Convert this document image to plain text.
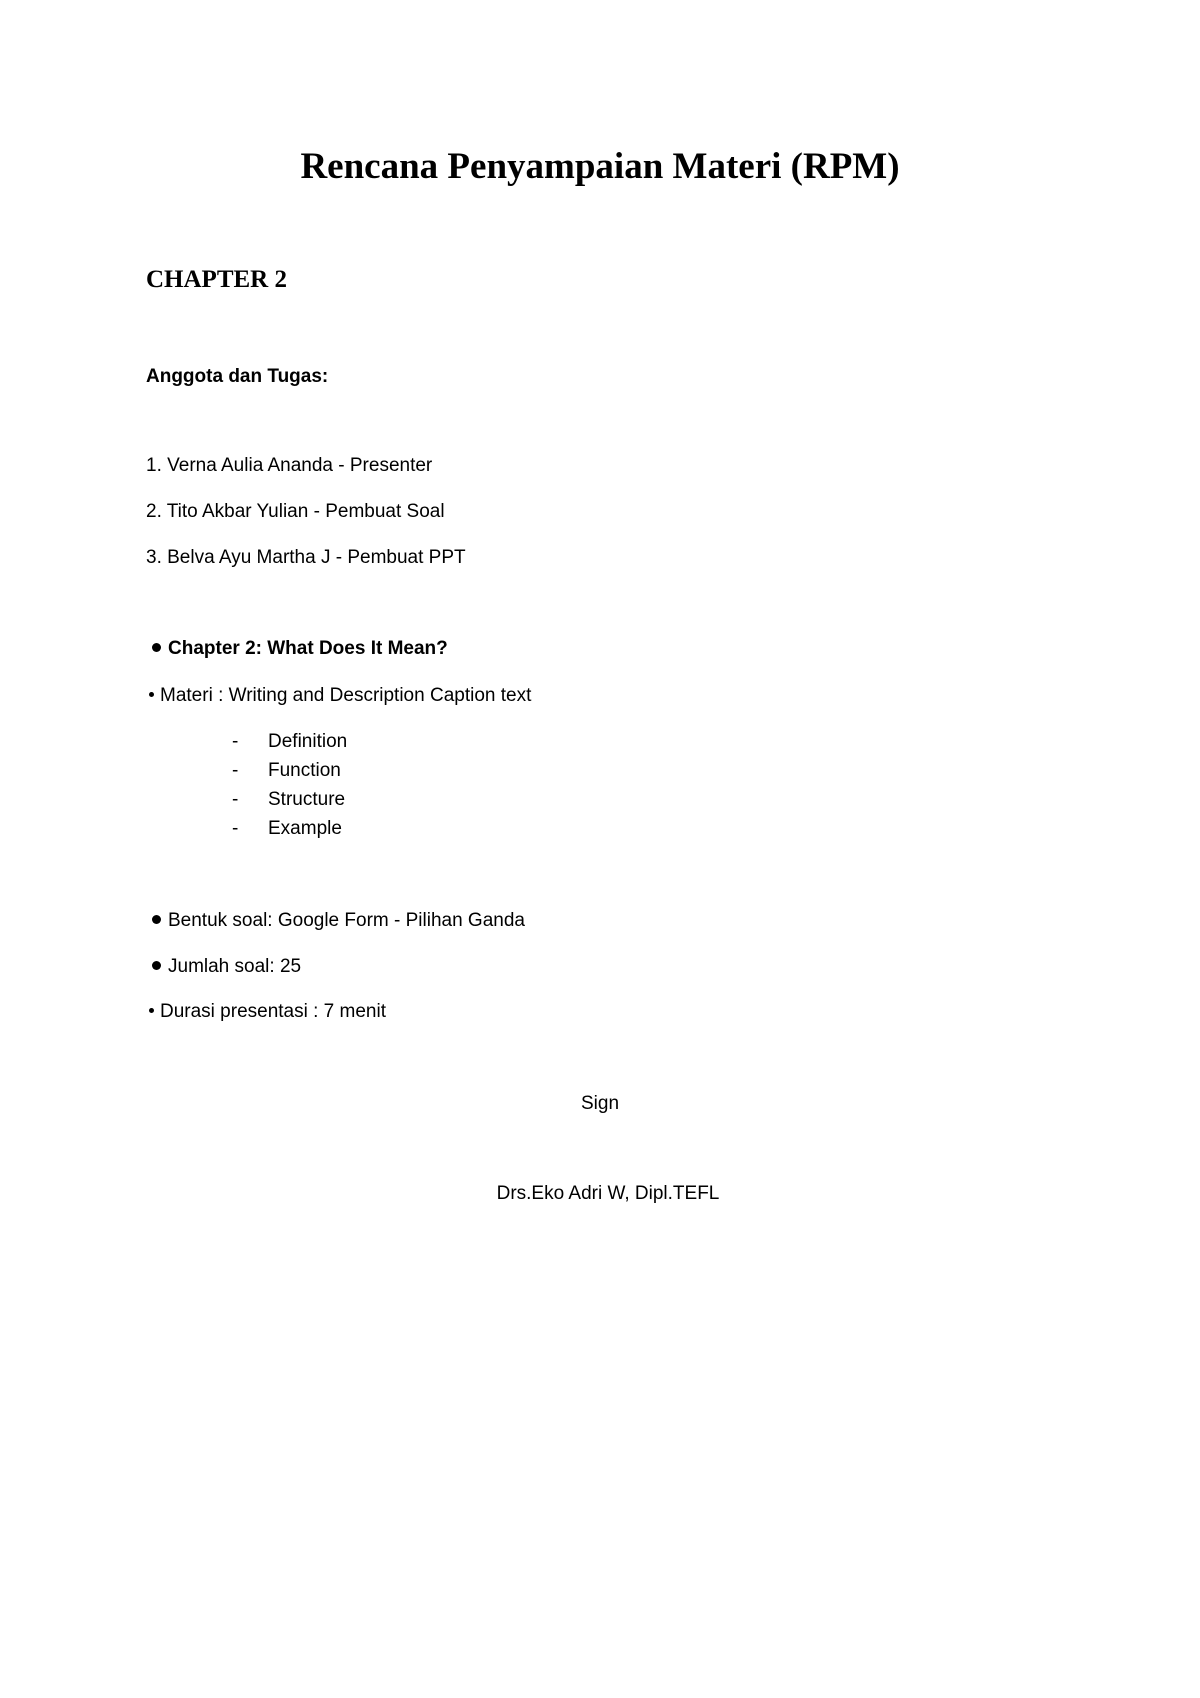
Rencana Penyampaian Materi (RPM)
CHAPTER 2
Anggota dan Tugas:
1. Verna Aulia Ananda - Presenter
2. Tito Akbar Yulian - Pembuat Soal
3. Belva Ayu Martha J - Pembuat PPT
Chapter 2: What Does It Mean?
Materi : Writing and Description Caption text
- Definition
- Function
- Structure
- Example
Bentuk soal: Google Form - Pilihan Ganda
Jumlah soal: 25
Durasi presentasi : 7 menit
Sign
Drs.Eko Adri W, Dipl.TEFL
